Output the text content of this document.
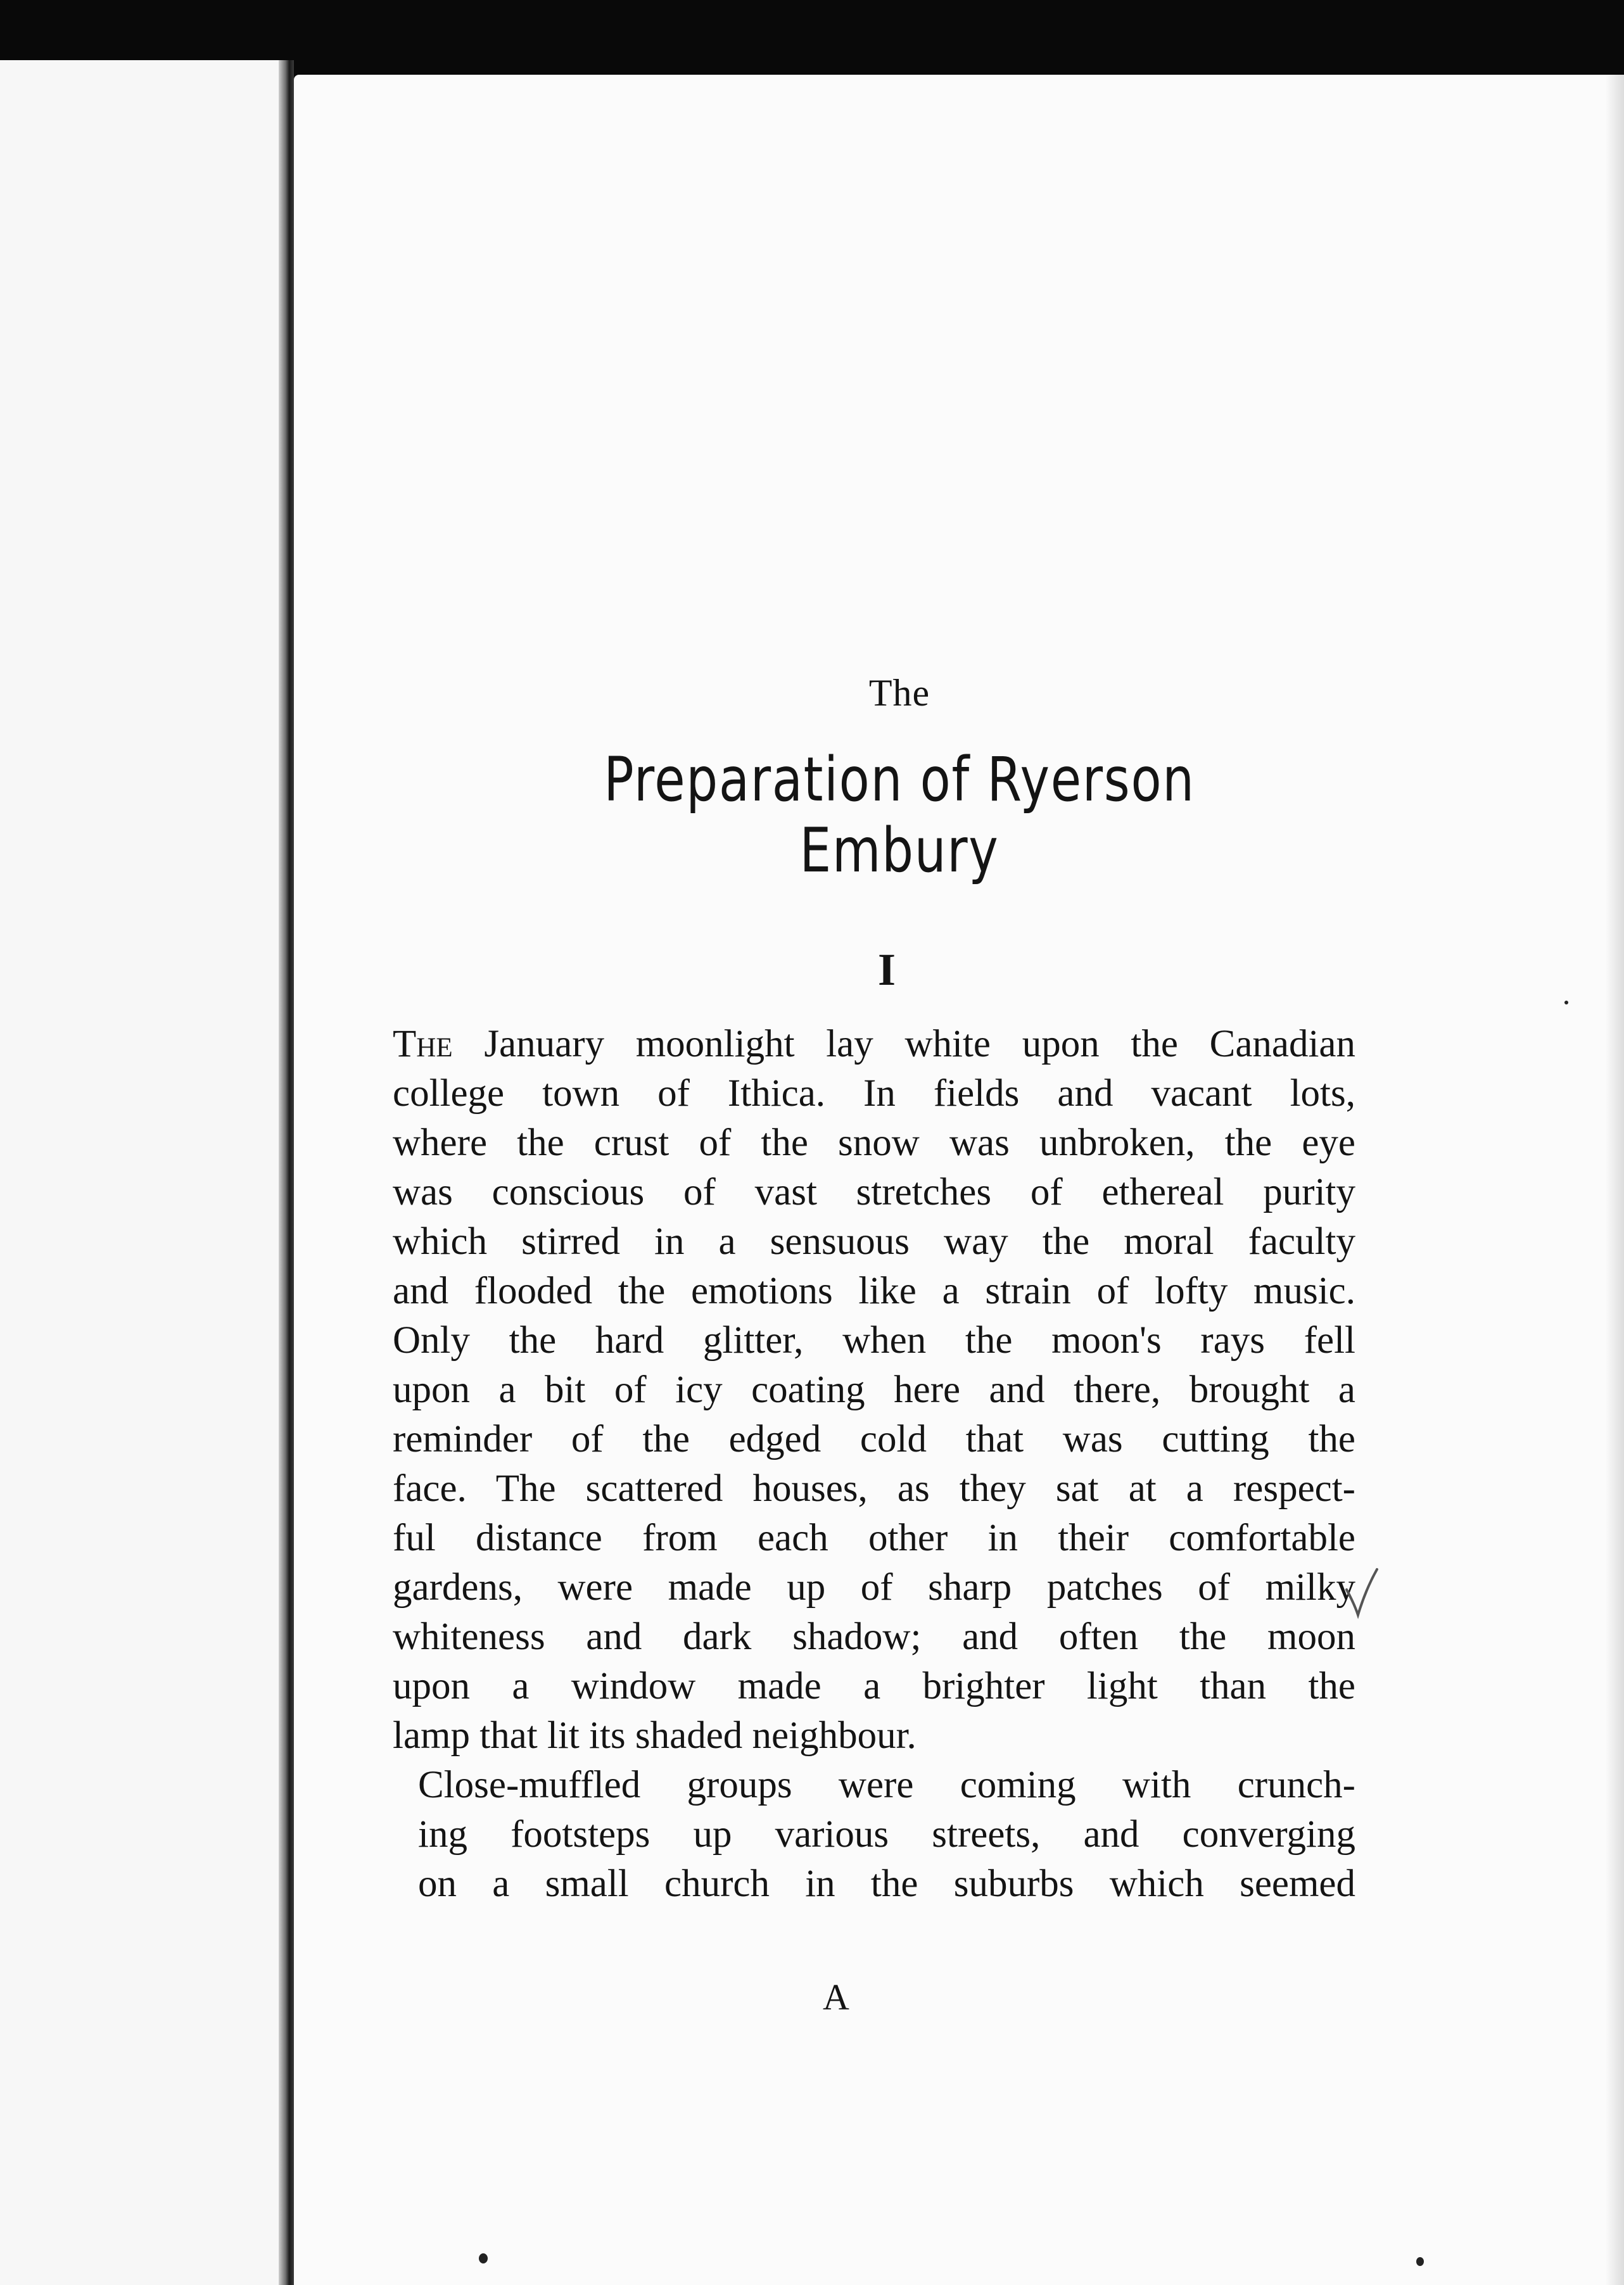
The
Preparation of Ryerson Embury
I

The January moonlight lay white upon the Canadian
college town of Ithica. In fields and vacant lots,
where the crust of the snow was unbroken, the eye
was conscious of vast stretches of ethereal purity
which stirred in a sensuous way the moral faculty
and flooded the emotions like a strain of lofty music.
Only the hard glitter, when the moon's rays fell
upon a bit of icy coating here and there, brought a
reminder of the edged cold that was cutting the
face. The scattered houses, as they sat at a respect-
ful distance from each other in their comfortable
gardens, were made up of sharp patches of milky
whiteness and dark shadow; and often the moon
upon a window made a brighter light than the
lamp that lit its shaded neighbour.

Close-muffled groups were coming with crunch-
ing footsteps up various streets, and converging
on a small church in the suburbs which seemed

A
